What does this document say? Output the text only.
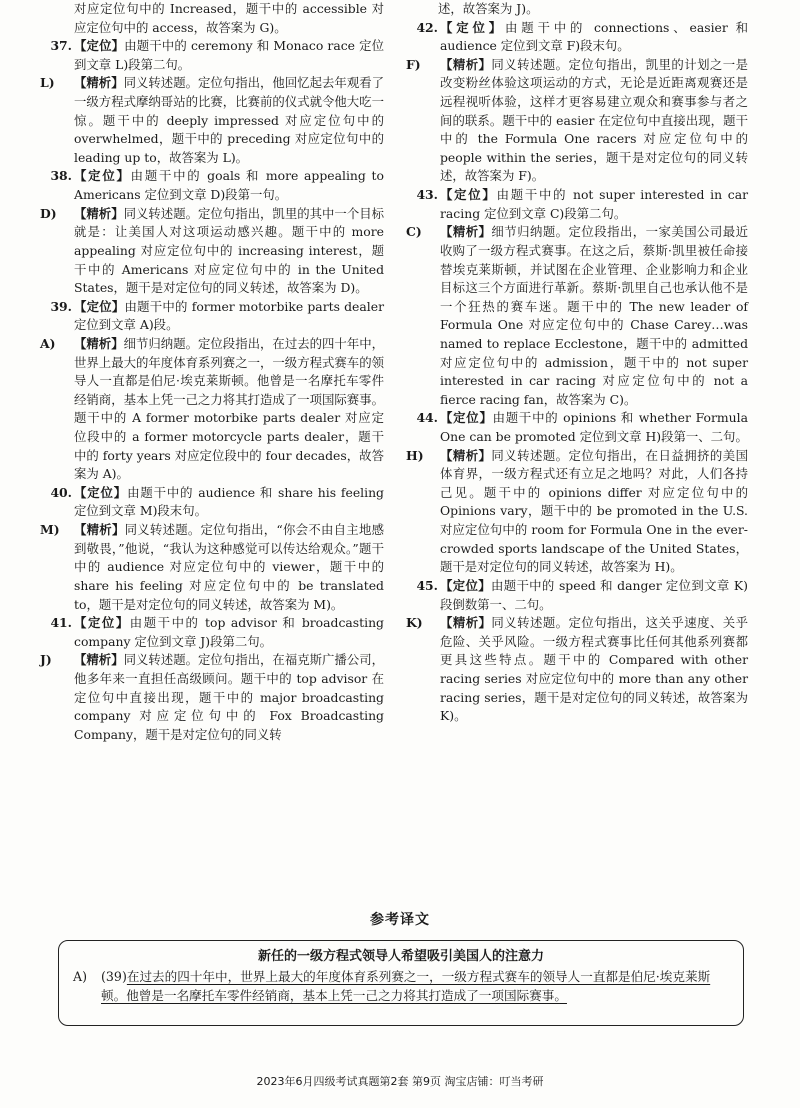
对应定位句中的 Increased，题干中的 accessible 对应定位句中的 access，故答案为 G)。
37. 【定位】由题干中的 ceremony 和 Monaco race 定位到文章 L)段第二句。
L)	【精析】同义转述题。定位句指出，他回忆起去年观看了一级方程式摩纳哥站的比赛，比赛前的仪式就令他大吃一惊。题干中的 deeply impressed 对应定位句中的 overwhelmed，题干中的 preceding 对应定位句中的 leading up to，故答案为 L)。
38. 【定位】由题干中的 goals 和 more appealing to Americans 定位到文章 D)段第一句。
D)	【精析】同义转述题。定位句指出，凯里的其中一个目标就是：让美国人对这项运动感兴趣。题干中的 more appealing 对应定位句中的 increasing interest，题干中的 Americans 对应定位句中的 in the United States，题干是对定位句的同义转述，故答案为 D)。
39. 【定位】由题干中的 former motorbike parts dealer 定位到文章 A)段。
A)	【精析】细节归纳题。定位段指出，在过去的四十年中，世界上最大的年度体育系列赛之一，一级方程式赛车的领导人一直都是伯尼·埃克莱斯顿。他曾是一名摩托车零件经销商，基本上凭一己之力将其打造成了一项国际赛事。题干中的 A former motorbike parts dealer 对应定位段中的 a former motorcycle parts dealer，题干中的 forty years 对应定位段中的 four decades，故答案为 A)。
40. 【定位】由题干中的 audience 和 share his feeling 定位到文章 M)段末句。
M)	【精析】同义转述题。定位句指出，“你会不由自主地感到敬畏，”他说，“我认为这种感觉可以传达给观众。”题干中的 audience 对应定位句中的 viewer，题干中的 share his feeling 对应定位句中的 be translated to，题干是对定位句的同义转述，故答案为 M)。
41. 【定位】由题干中的 top advisor 和 broadcasting company 定位到文章 J)段第二句。
J)	【精析】同义转述题。定位句指出，在福克斯广播公司，他多年来一直担任高级顾问。题干中的 top advisor 在定位句中直接出现，题干中的 major broadcasting company 对应定位句中的 Fox Broadcasting Company，题干是对定位句的同义转
述，故答案为 J)。
42. 【定位】由题干中的 connections、easier 和 audience 定位到文章 F)段末句。
F)	【精析】同义转述题。定位句指出，凯里的计划之一是改变粉丝体验这项运动的方式，无论是近距离观赛还是远程视听体验，这样才更容易建立观众和赛事参与者之间的联系。题干中的 easier 在定位句中直接出现，题干中的 the Formula One racers 对应定位句中的 people within the series，题干是对定位句的同义转述，故答案为 F)。
43. 【定位】由题干中的 not super interested in car racing 定位到文章 C)段第二句。
C)	【精析】细节归纳题。定位段指出，一家美国公司最近收购了一级方程式赛事。在这之后，蔡斯·凯里被任命接替埃克莱斯顿，并试图在企业管理、企业影响力和企业目标这三个方面进行革新。蔡斯·凯里自己也承认他不是一个狂热的赛车迷。题干中的 The new leader of Formula One 对应定位句中的 Chase Carey…was named to replace Ecclestone，题干中的 admitted 对应定位句中的 admission，题干中的 not super interested in car racing 对应定位句中的 not a fierce racing fan，故答案为 C)。
44. 【定位】由题干中的 opinions 和 whether Formula One can be promoted 定位到文章 H)段第一、二句。
H)	【精析】同义转述题。定位句指出，在日益拥挤的美国体育界，一级方程式还有立足之地吗？对此，人们各持己见。题干中的 opinions differ 对应定位句中的 Opinions vary，题干中的 be promoted in the U.S. 对应定位句中的 room for Formula One in the ever-crowded sports landscape of the United States，题干是对定位句的同义转述，故答案为 H)。
45. 【定位】由题干中的 speed 和 danger 定位到文章 K)段倒数第一、二句。
K)	【精析】同义转述题。定位句指出，这关乎速度、关乎危险、关乎风险。一级方程式赛事比任何其他系列赛都更具这些特点。题干中的 Compared with other racing series 对应定位句中的 more than any other racing series，题干是对定位句的同义转述，故答案为 K)。
参考译文
新任的一级方程式领导人希望吸引美国人的注意力
A)	(39)在过去的四十年中，世界上最大的年度体育系列赛之一，一级方程式赛车的领导人一直都是伯尼·埃克莱斯顿。他曾是一名摩托车零件经销商，基本上凭一己之力将其打造成了一项国际赛事。
2023年6月四级考试真题第2套 第9页 淘宝店铺：叮当考研
